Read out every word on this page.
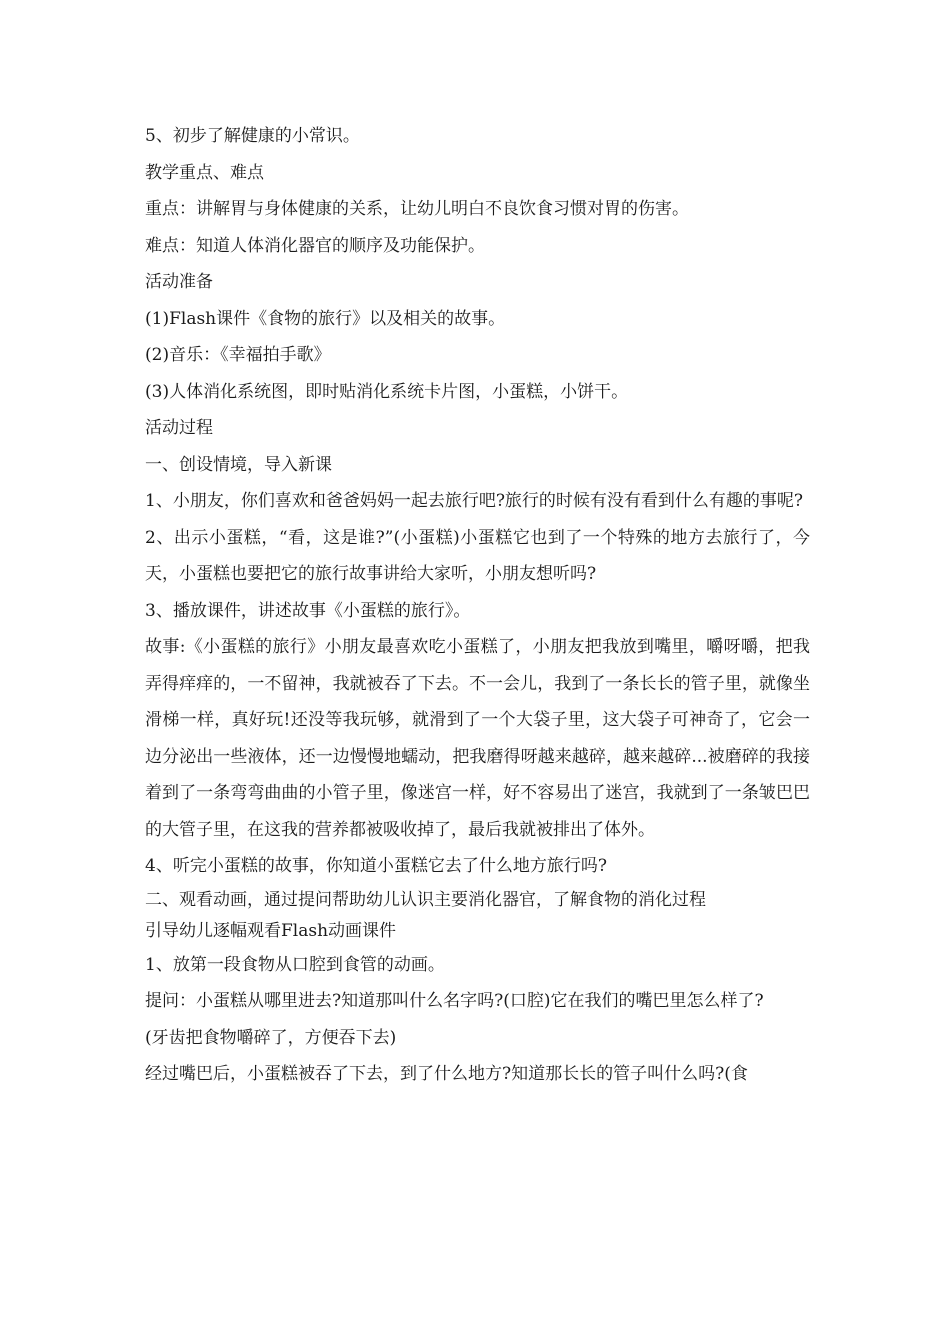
5、初步了解健康的小常识。
教学重点、难点
重点：讲解胃与身体健康的关系，让幼儿明白不良饮食习惯对胃的伤害。
难点：知道人体消化器官的顺序及功能保护。
活动准备
(1)Flash课件《食物的旅行》以及相关的故事。
(2)音乐：《幸福拍手歌》
(3)人体消化系统图，即时贴消化系统卡片图，小蛋糕，小饼干。
活动过程
一、创设情境，导入新课
1、小朋友，你们喜欢和爸爸妈妈一起去旅行吧?旅行的时候有没有看到什么有趣的事呢?
2、出示小蛋糕，“看，这是谁?”(小蛋糕)小蛋糕它也到了一个特殊的地方去旅行了，今天，小蛋糕也要把它的旅行故事讲给大家听，小朋友想听吗?
3、播放课件，讲述故事《小蛋糕的旅行》。
故事:《小蛋糕的旅行》小朋友最喜欢吃小蛋糕了，小朋友把我放到嘴里，嚼呀嚼，把我弄得痒痒的，一不留神，我就被吞了下去。不一会儿，我到了一条长长的管子里，就像坐滑梯一样，真好玩!还没等我玩够，就滑到了一个大袋子里，这大袋子可神奇了，它会一边分泌出一些液体，还一边慢慢地蠕动，把我磨得呀越来越碎，越来越碎...被磨碎的我接着到了一条弯弯曲曲的小管子里，像迷宫一样，好不容易出了迷宫，我就到了一条皱巴巴的大管子里，在这我的营养都被吸收掉了，最后我就被排出了体外。
4、听完小蛋糕的故事，你知道小蛋糕它去了什么地方旅行吗?
二、观看动画，通过提问帮助幼儿认识主要消化器官，了解食物的消化过程
引导幼儿逐幅观看Flash动画课件
1、放第一段食物从口腔到食管的动画。
提问：小蛋糕从哪里进去?知道那叫什么名字吗?(口腔)它在我们的嘴巴里怎么样了?
(牙齿把食物嚼碎了，方便吞下去)
经过嘴巴后，小蛋糕被吞了下去，到了什么地方?知道那长长的管子叫什么吗?(食
